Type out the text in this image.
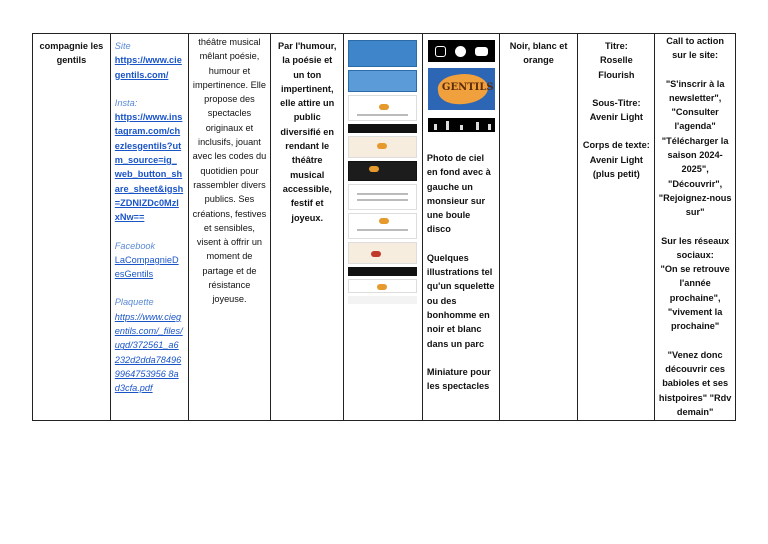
compagnie les gentils
Site
https://www.ciegentils.com/
Insta:
https://www.instagram.com/chezlesgentils?utm_source=ig_web_button_share_sheet&igsh=ZDNlZDc0MzlxNw==
Facebook
LaCompagnieDesGentils
Plaquette
https://www.ciegentils.com/_files/ugd/372561_a6232d2dda784969964753956 8ad3cfa.pdf
théâtre musical mêlant poésie, humour et impertinence. Elle propose des spectacles originaux et inclusifs, jouant avec les codes du quotidien pour rassembler divers publics. Ses créations, festives et sensibles, visent à offrir un moment de partage et de résistance joyeuse.
Par l'humour, la poésie et un ton impertinent, elle attire un public diversifié en rendant le théâtre musical accessible, festif et joyeux.
GENTILS
Photo de ciel en fond avec à gauche un monsieur sur une boule disco
Quelques illustrations tel qu'un squelette ou des bonhomme en noir et blanc dans un parc
Miniature pour les spectacles
Noir, blanc et orange
Titre:
Roselle Flourish
Sous-Titre:
Avenir Light
Corps de texte:
Avenir Light (plus petit)
Call to action sur le site:
"S'inscrir à la newsletter", "Consulter l'agenda" "Télécharger la saison 2024-2025", "Découvrir", "Rejoignez-nous sur"
Sur les réseaux sociaux:
"On se retrouve l'année prochaine", "vivement la prochaine"
"Venez donc découvrir ces babioles et ses histpoires" "Rdv demain"
